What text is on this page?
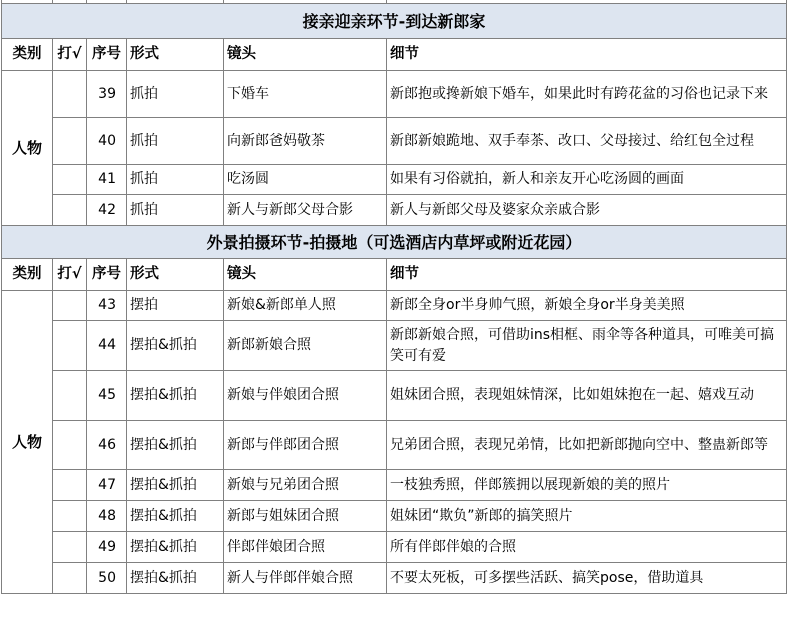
接亲迎亲环节-到达新郎家					
类别	打√	序号	形式	镜头	细节
人物		39	抓拍	下婚车	新郎抱或搀新娘下婚车，如果此时有跨花盆的习俗也记录下来
		40	抓拍	向新郎爸妈敬茶	新郎新娘跪地、双手奉茶、改口、父母接过、给红包全过程
		41	抓拍	吃汤圆	如果有习俗就拍，新人和亲友开心吃汤圆的画面
		42	抓拍	新人与新郎父母合影	新人与新郎父母及婆家众亲戚合影
外景拍摄环节-拍摄地（可选酒店内草坪或附近花园）					
类别	打√	序号	形式	镜头	细节
人物		43	摆拍	新娘&新郎单人照	新郎全身or半身帅气照，新娘全身or半身美美照
		44	摆拍&抓拍	新郎新娘合照	新郎新娘合照，可借助ins相框、雨伞等各种道具，可唯美可搞笑可有爱
		45	摆拍&抓拍	新娘与伴娘团合照	姐妹团合照，表现姐妹情深，比如姐妹抱在一起、嬉戏互动
		46	摆拍&抓拍	新郎与伴郎团合照	兄弟团合照，表现兄弟情，比如把新郎抛向空中、整蛊新郎等
		47	摆拍&抓拍	新娘与兄弟团合照	一枝独秀照，伴郎簇拥以展现新娘的美的照片
		48	摆拍&抓拍	新郎与姐妹团合照	姐妹团“欺负”新郎的搞笑照片
		49	摆拍&抓拍	伴郎伴娘团合照	所有伴郎伴娘的合照
		50	摆拍&抓拍	新人与伴郎伴娘合照	不要太死板，可多摆些活跃、搞笑pose，借助道具
